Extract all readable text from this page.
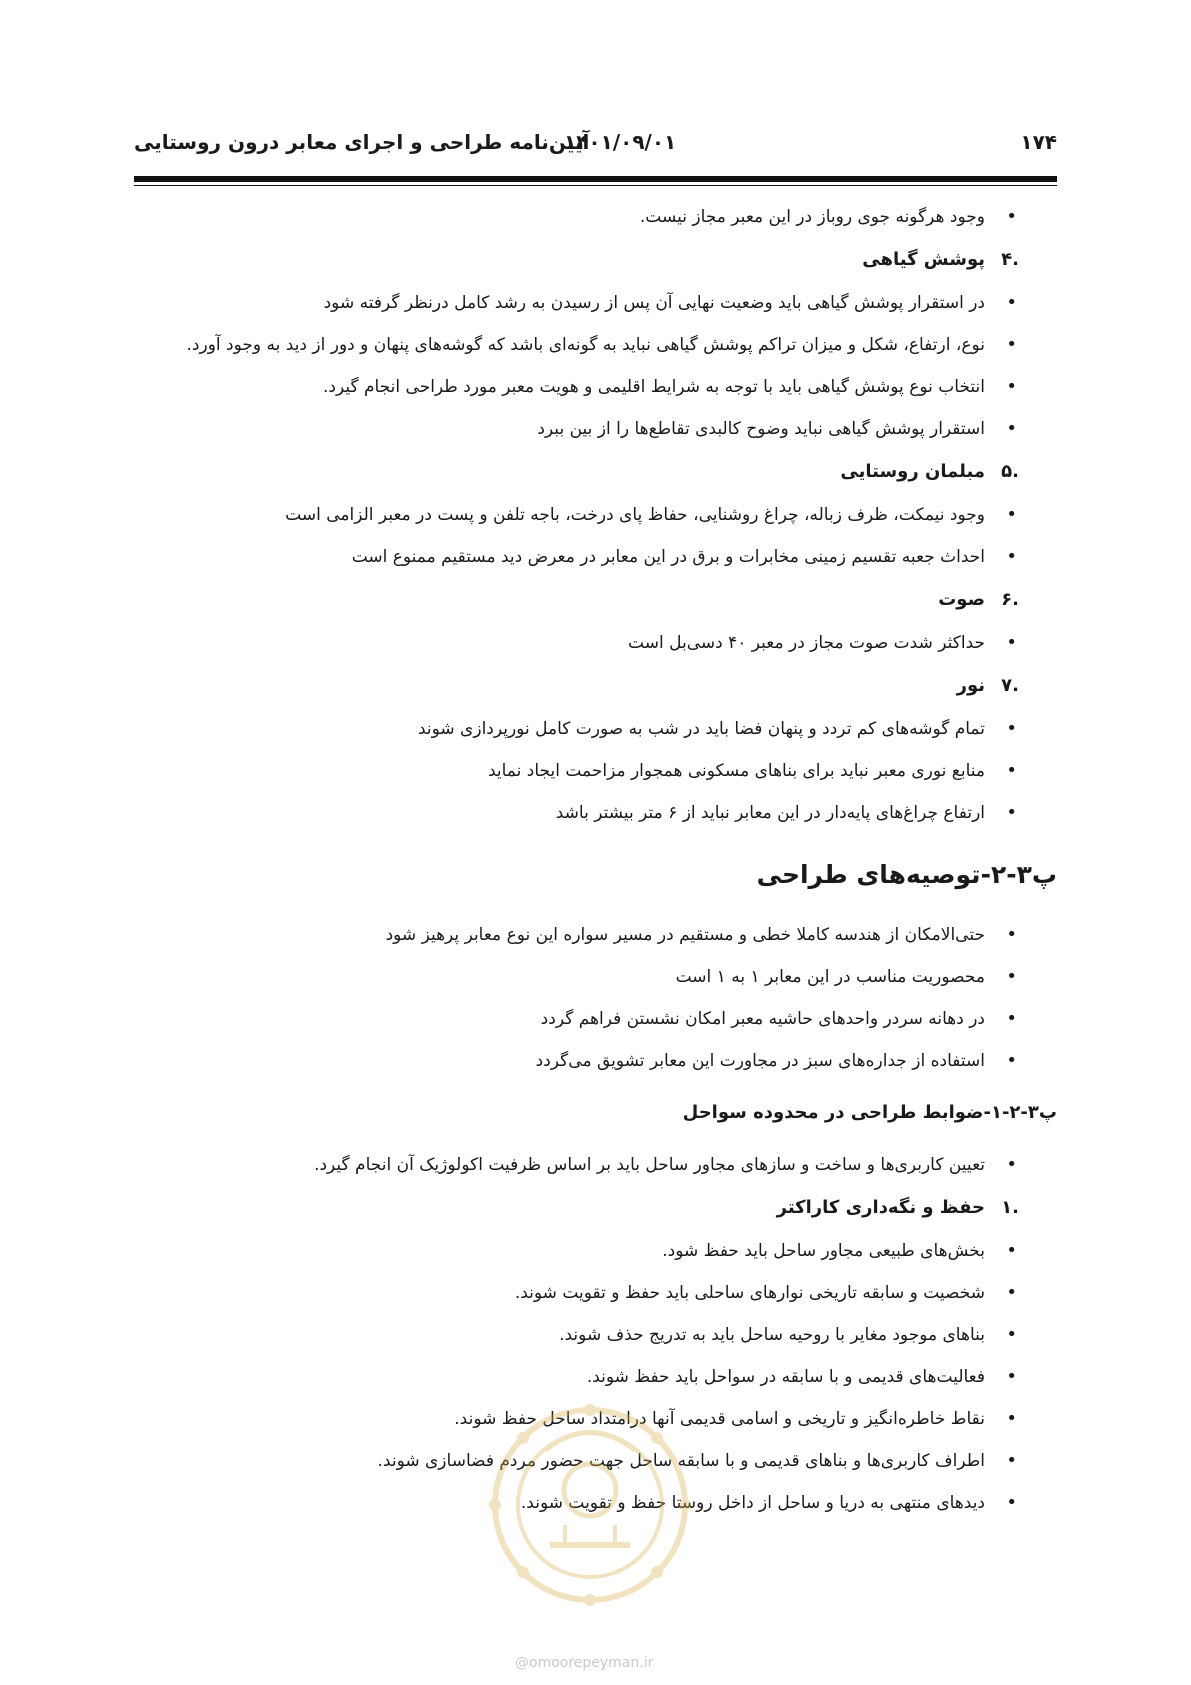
۱۷۴
۱۴۰۱/۰۹/۰۱
آیین‌نامه طراحی و اجرای معابر درون روستایی
• وجود هرگونه جوی روباز در این معبر مجاز نیست.
.۴
پوشش گیاهی
• در استقرار پوشش گیاهی باید وضعیت نهایی آن پس از رسیدن به رشد کامل درنظر گرفته شود
• نوع، ارتفاع، شکل و میزان تراکم پوشش گیاهی نباید به گونه‌ای باشد که گوشه‌های پنهان و دور از دید به وجود آورد.
• انتخاب نوع پوشش گیاهی باید با توجه به شرایط اقلیمی و هویت معبر مورد طراحی انجام گیرد.
• استقرار پوشش گیاهی نباید وضوح کالبدی تقاطع‌ها را از بین ببرد
.۵
مبلمان روستایی
• وجود نیمکت، ظرف زباله، چراغ روشنایی، حفاظ پای درخت، باجه تلفن و پست در معبر الزامی است
• احداث جعبه تقسیم زمینی مخابرات و برق در این معابر در معرض دید مستقیم ممنوع است
.۶
صوت
• حداکثر شدت صوت مجاز در معبر ۴۰ دسی‌بل است
.۷
نور
• تمام گوشه‌های کم تردد و پنهان فضا باید در شب به صورت کامل نورپردازی شوند
• منابع نوری معبر نباید برای بناهای مسکونی همجوار مزاحمت ایجاد نماید
• ارتفاع چراغ‌های پایه‌دار در این معابر نباید از ۶ متر بیشتر باشد
پ۳-۲-توصیه‌های طراحی
• حتی‌الامکان از هندسه کاملا خطی و مستقیم در مسیر سواره این نوع معابر پرهیز شود
• محصوریت مناسب در این معابر ۱ به ۱ است
• در دهانه سردر واحدهای حاشیه معبر امکان نشستن فراهم گردد
• استفاده از جداره‌های سبز در مجاورت این معابر تشویق می‌گردد
پ۳-۲-۱-ضوابط طراحی در محدوده سواحل
• تعیین کاربری‌ها و ساخت و سازهای مجاور ساحل باید بر اساس ظرفیت اکولوژیک آن انجام گیرد.
.۱
حفظ و نگه‌داری کاراکتر
• بخش‌های طبیعی مجاور ساحل باید حفظ شود.
• شخصیت و سابقه تاریخی نوارهای ساحلی باید حفظ و تقویت شوند.
• بناهای موجود مغایر با روحیه ساحل باید به تدریج حذف شوند.
• فعالیت‌های قدیمی و با سابقه در سواحل باید حفظ شوند.
• نقاط خاطره‌انگیز و تاریخی و اسامی قدیمی آنها درامتداد ساحل حفظ شوند.
• اطراف کاربری‌ها و بناهای قدیمی و با سابقه ساحل جهت حضور مردم فضاسازی شوند.
• دیدهای منتهی به دریا و ساحل از داخل روستا حفظ و تقویت شوند.
@omoorepeyman.ir
